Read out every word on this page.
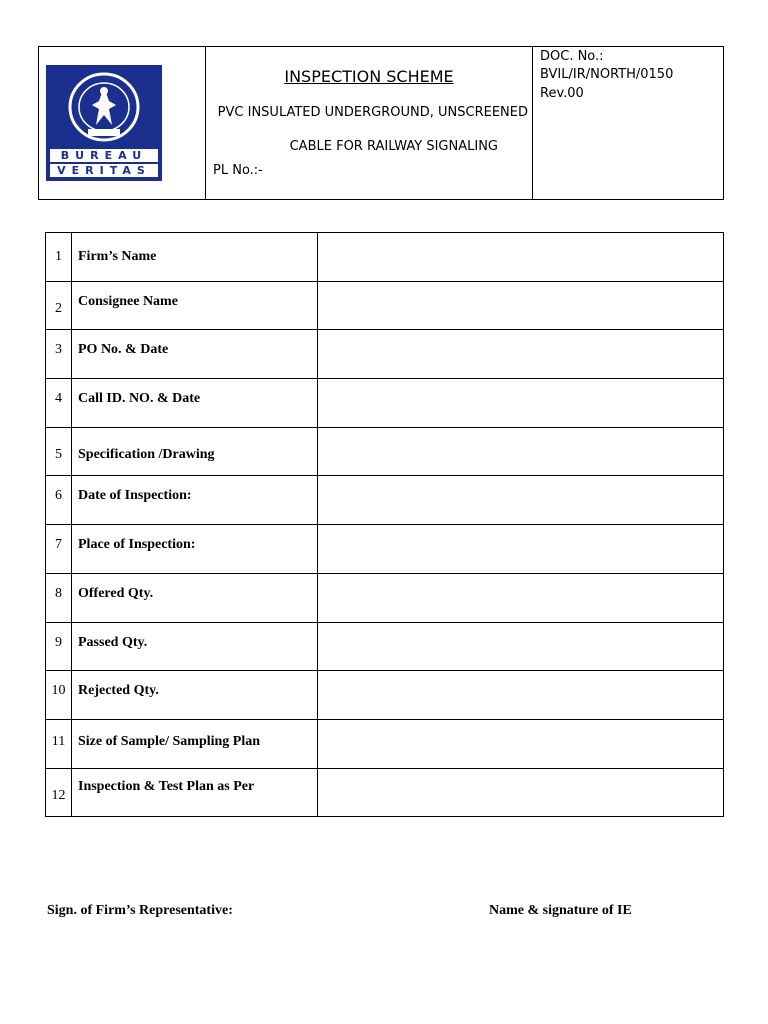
BUREAU
VERITAS
INSPECTION SCHEME
PVC INSULATED UNDERGROUND, UNSCREENED
CABLE FOR RAILWAY SIGNALING
PL No.:-
DOC. No.:
BVIL/IR/NORTH/0150
Rev.00
1	Firm’s Name	
2	Consignee Name	
3	PO No. & Date	
4	Call ID. NO. & Date	
5	Specification /Drawing	
6	Date of Inspection:	
7	Place of Inspection:	
8	Offered Qty.	
9	Passed Qty.	
10	Rejected Qty.	
11	Size of Sample/ Sampling Plan	
12	Inspection & Test Plan as Per	
Sign. of Firm’s Representative:	Name & signature of IE
